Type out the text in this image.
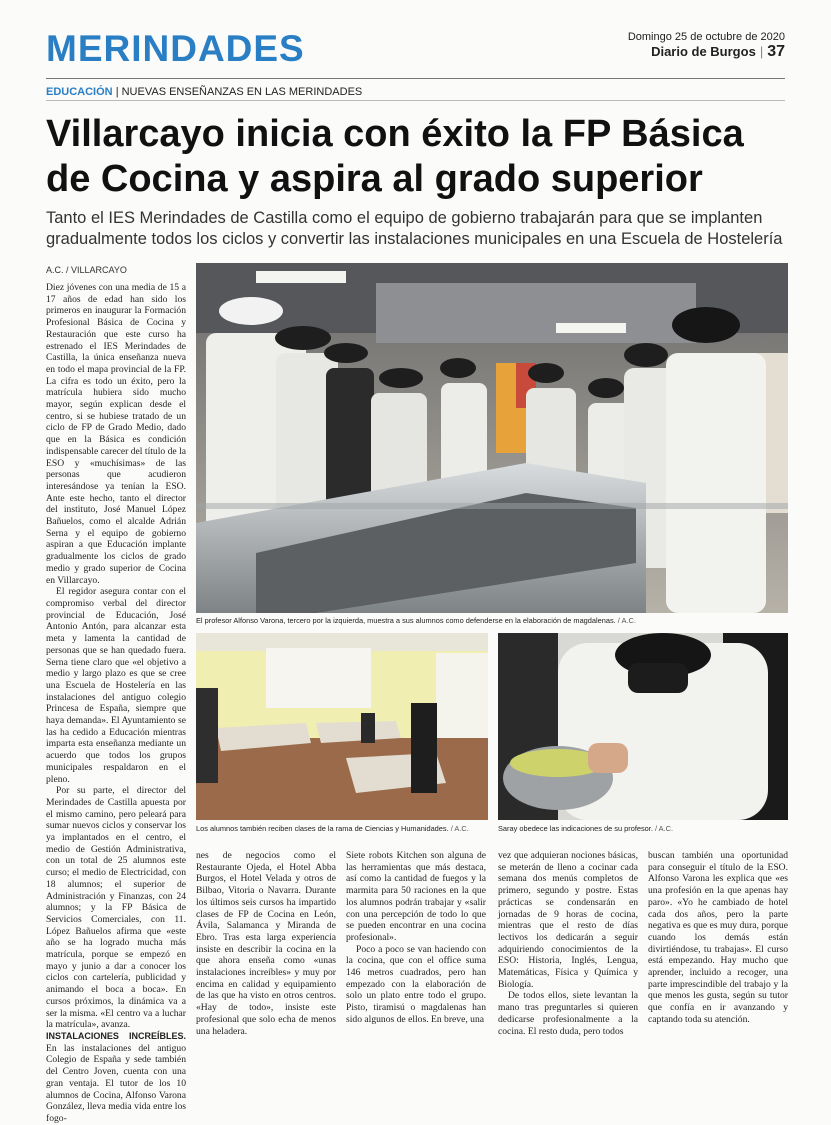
MERINDADES	Domingo 25 de octubre de 2020
Diario de Burgos | 37
EDUCACIÓN | NUEVAS ENSEÑANZAS EN LAS MERINDADES
Villarcayo inicia con éxito la FP Básica
de Cocina y aspira al grado superior

Tanto el IES Merindades de Castilla como el equipo de gobierno trabajarán para que se implanten gradualmente todos los ciclos y convertir las instalaciones municipales en una Escuela de Hostelería

A.C. / VILLARCAYO

Diez jóvenes con una media de 15 a 17 años de edad han sido los primeros en inaugurar la Formación Profesional Básica de Cocina y Restauración que este curso ha estrenado el IES Merindades de Castilla, la única enseñanza nueva en todo el mapa provincial de la FP. La cifra es todo un éxito, pero la matrícula hubiera sido mucho mayor, según explican desde el centro, si se hubiese tratado de un ciclo de FP de Grado Medio, dado que en la Básica es condición indispensable carecer del título de la ESO y «muchísimas» de las personas que acudieron interesándose ya tenían la ESO. Ante este hecho, tanto el director del instituto, José Manuel López Bañuelos, como el alcalde Adrián Serna y el equipo de gobierno aspiran a que Educación implante gradualmente los ciclos de grado medio y grado superior de Cocina en Villarcayo.

El regidor asegura contar con el compromiso verbal del director provincial de Educación, José Antonio Antón, para alcanzar esta meta y lamenta la cantidad de personas que se han quedado fuera. Serna tiene claro que «el objetivo a medio y largo plazo es que se cree una Escuela de Hostelería en las instalaciones del antiguo colegio Princesa de España, siempre que haya demanda». El Ayuntamiento se las ha cedido a Educación mientras imparta esta enseñanza mediante un acuerdo que todos los grupos municipales respaldaron en el pleno.

Por su parte, el director del Merindades de Castilla apuesta por el mismo camino, pero peleará para sumar nuevos ciclos y conservar los ya implantados en el centro, el medio de Gestión Administrativa, con un total de 25 alumnos este curso; el medio de Electricidad, con 18 alumnos; el superior de Administración y Finanzas, con 24 alumnos; y la FP Básica de Servicios Comerciales, con 11. López Bañuelos afirma que «este año se ha logrado mucha más matrícula, porque se empezó en mayo y junio a dar a conocer los ciclos con cartelería, publicidad y animando el boca a boca». En cursos próximos, la dinámica va a ser la misma. «El centro va a luchar la matrícula», avanza.

INSTALACIONES INCREÍBLES. En las instalaciones del antiguo Colegio de España y sede también del Centro Joven, cuenta con una gran ventaja. El tutor de los 10 alumnos de Cocina, Alfonso Varona González, lleva media vida entre los fogo-

El profesor Alfonso Varona, tercero por la izquierda, muestra a sus alumnos como defenderse en la elaboración de magdalenas. / A.C.
Los alumnos también reciben clases de la rama de Ciencias y Humanidades. / A.C.	Saray obedece las indicaciones de su profesor. / A.C.

nes de negocios como el Restaurante Ojeda, el Hotel Abba Burgos, el Hotel Velada y otros de Bilbao, Vitoria o Navarra. Durante los últimos seis cursos ha impartido clases de FP de Cocina en León, Ávila, Salamanca y Miranda de Ebro. Tras esta larga experiencia insiste en describir la cocina en la que ahora enseña como «unas instalaciones increíbles» y muy por encima en calidad y equipamiento de las que ha visto en otros centros. «Hay de todo», insiste este profesional que solo echa de menos una heladera.

Siete robots Kitchen son alguna de las herramientas que más destaca, así como la cantidad de fuegos y la marmita para 50 raciones en la que los alumnos podrán trabajar y «salir con una percepción de todo lo que se pueden encontrar en una cocina profesional».

Poco a poco se van haciendo con la cocina, que con el office suma 146 metros cuadrados, pero han empezado con la elaboración de solo un plato entre todo el grupo. Pisto, tiramisú o magdalenas han sido algunos de ellos. En breve, una

vez que adquieran nociones básicas, se meterán de lleno a cocinar cada semana dos menús completos de primero, segundo y postre. Estas prácticas se condensarán en jornadas de 9 horas de cocina, mientras que el resto de días lectivos los dedicarán a seguir adquiriendo conocimientos de la ESO: Historia, Inglés, Lengua, Matemáticas, Física y Química y Biología.

De todos ellos, siete levantan la mano tras preguntarles si quieren dedicarse profesionalmente a la cocina. El resto duda, pero todos

buscan también una oportunidad para conseguir el título de la ESO. Alfonso Varona les explica que «es una profesión en la que apenas hay paro». «Yo he cambiado de hotel cada dos años, pero la parte negativa es que es muy dura, porque cuando los demás están divirtiéndose, tu trabajas». El curso está empezando. Hay mucho que aprender, incluido a recoger, una parte imprescindible del trabajo y la que menos les gusta, según su tutor que confía en ir avanzando y captando toda su atención.
